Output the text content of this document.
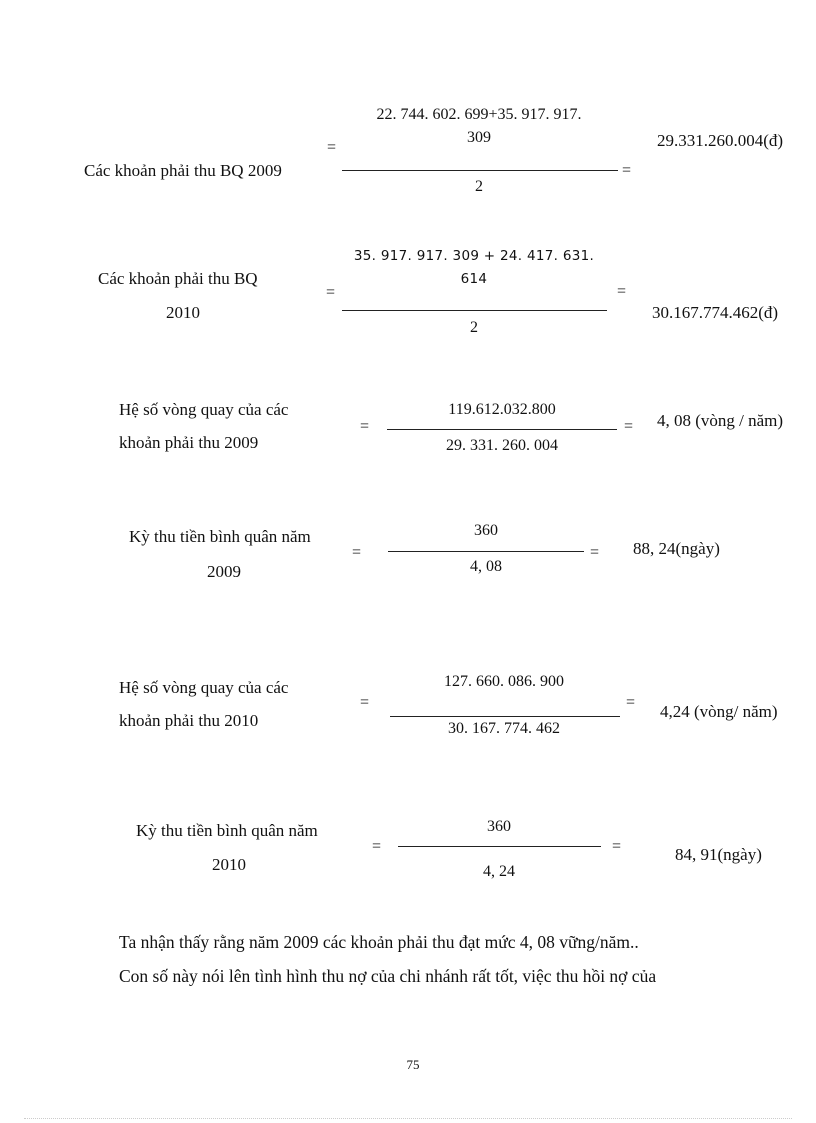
Các khoản phải thu BQ 2009
=
22. 744. 602. 699+35. 917. 917.
309
=
2
29.331.260.004(đ)
Các khoản phải thu BQ
2010
=
35. 917. 917. 309 + 24. 417. 631.
614
=
2
30.167.774.462(đ)
Hệ số vòng quay của các
khoản phải thu 2009
=
119.612.032.800
=
29. 331. 260. 004
4, 08 (vòng / năm)
Kỳ thu tiền bình quân năm
2009
=
360
=
4, 08
88, 24(ngày)
Hệ số vòng quay của các
khoản phải thu 2010
=
127. 660. 086. 900
=
30. 167. 774. 462
4,24 (vòng/ năm)
Kỳ thu tiền bình quân năm
2010
=
360
=
4, 24
84, 91(ngày)
Ta nhận thấy rằng năm 2009 các khoản phải thu đạt mức 4, 08 vững/năm..
Con số này nói lên tình hình thu nợ của chi nhánh rất tốt, việc thu hồi nợ của
75
